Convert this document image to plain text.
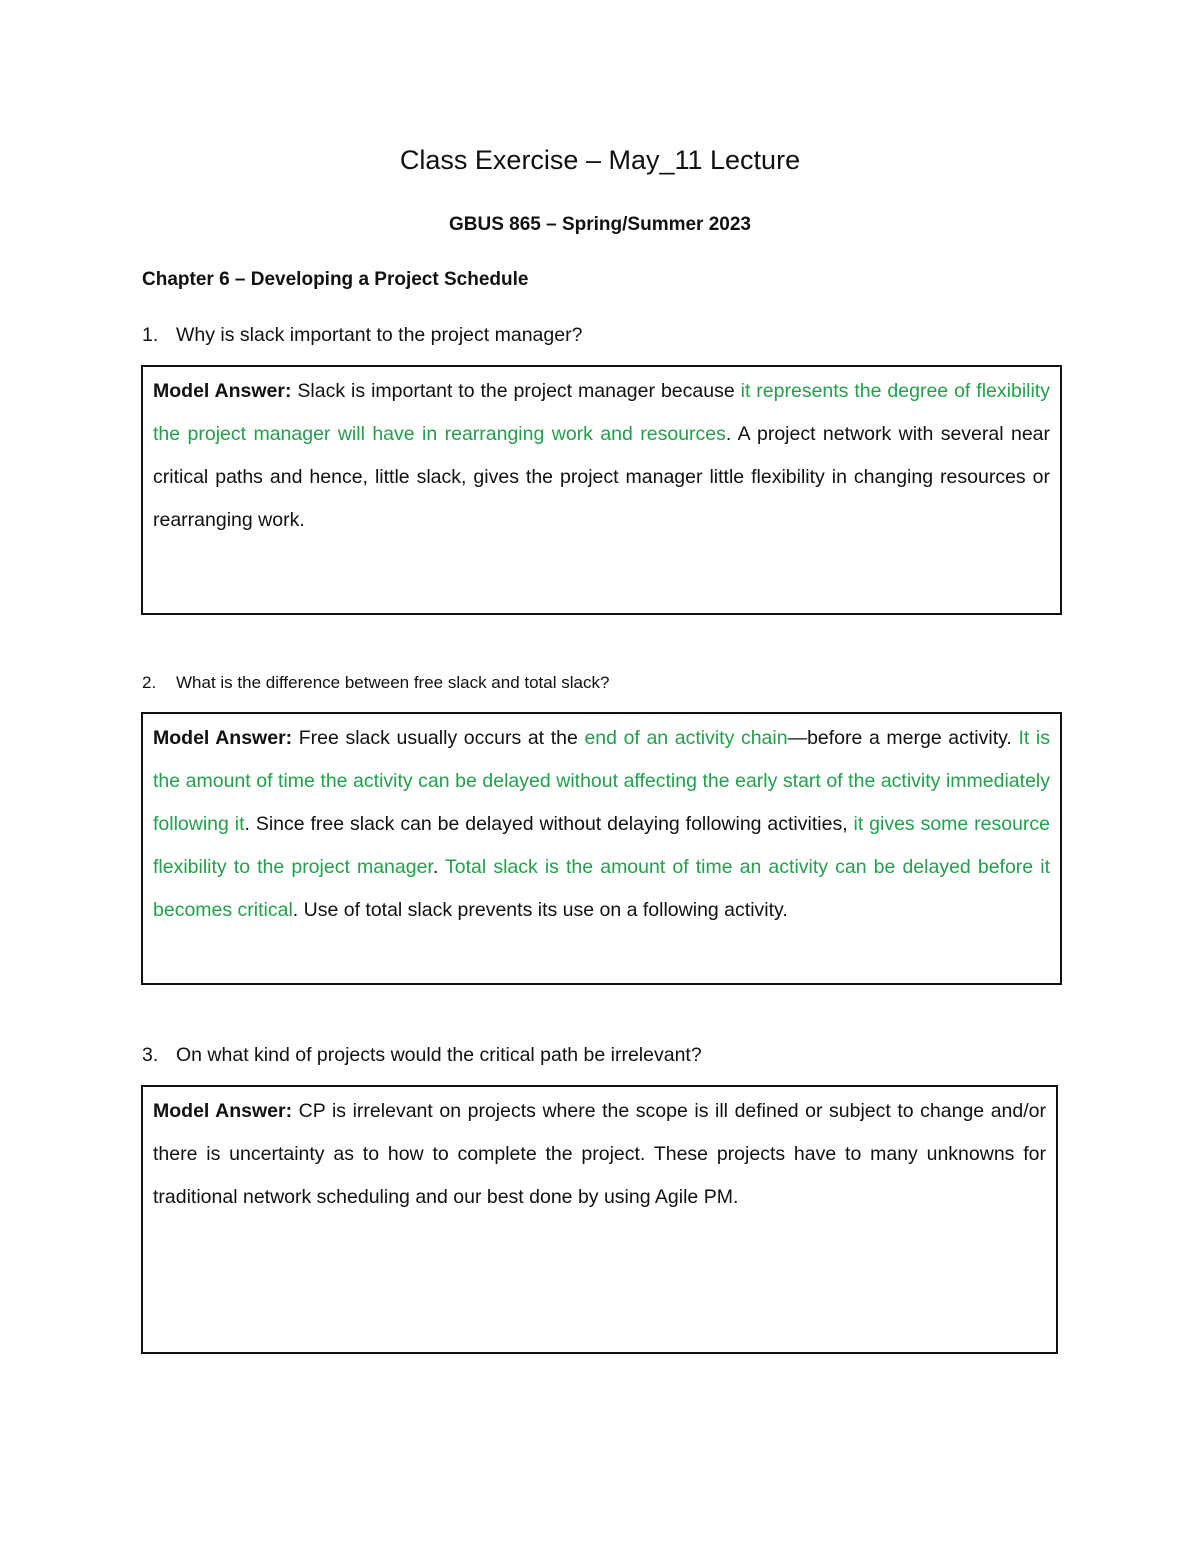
Class Exercise – May_11 Lecture
GBUS 865 – Spring/Summer 2023
Chapter 6 – Developing a Project Schedule
1. Why is slack important to the project manager?
Model Answer: Slack is important to the project manager because it represents the degree of flexibility the project manager will have in rearranging work and resources. A project network with several near critical paths and hence, little slack, gives the project manager little flexibility in changing resources or rearranging work.
2. What is the difference between free slack and total slack?
Model Answer: Free slack usually occurs at the end of an activity chain—before a merge activity. It is the amount of time the activity can be delayed without affecting the early start of the activity immediately following it. Since free slack can be delayed without delaying following activities, it gives some resource flexibility to the project manager. Total slack is the amount of time an activity can be delayed before it becomes critical. Use of total slack prevents its use on a following activity.
3. On what kind of projects would the critical path be irrelevant?
Model Answer: CP is irrelevant on projects where the scope is ill defined or subject to change and/or there is uncertainty as to how to complete the project. These projects have to many unknowns for traditional network scheduling and our best done by using Agile PM.
